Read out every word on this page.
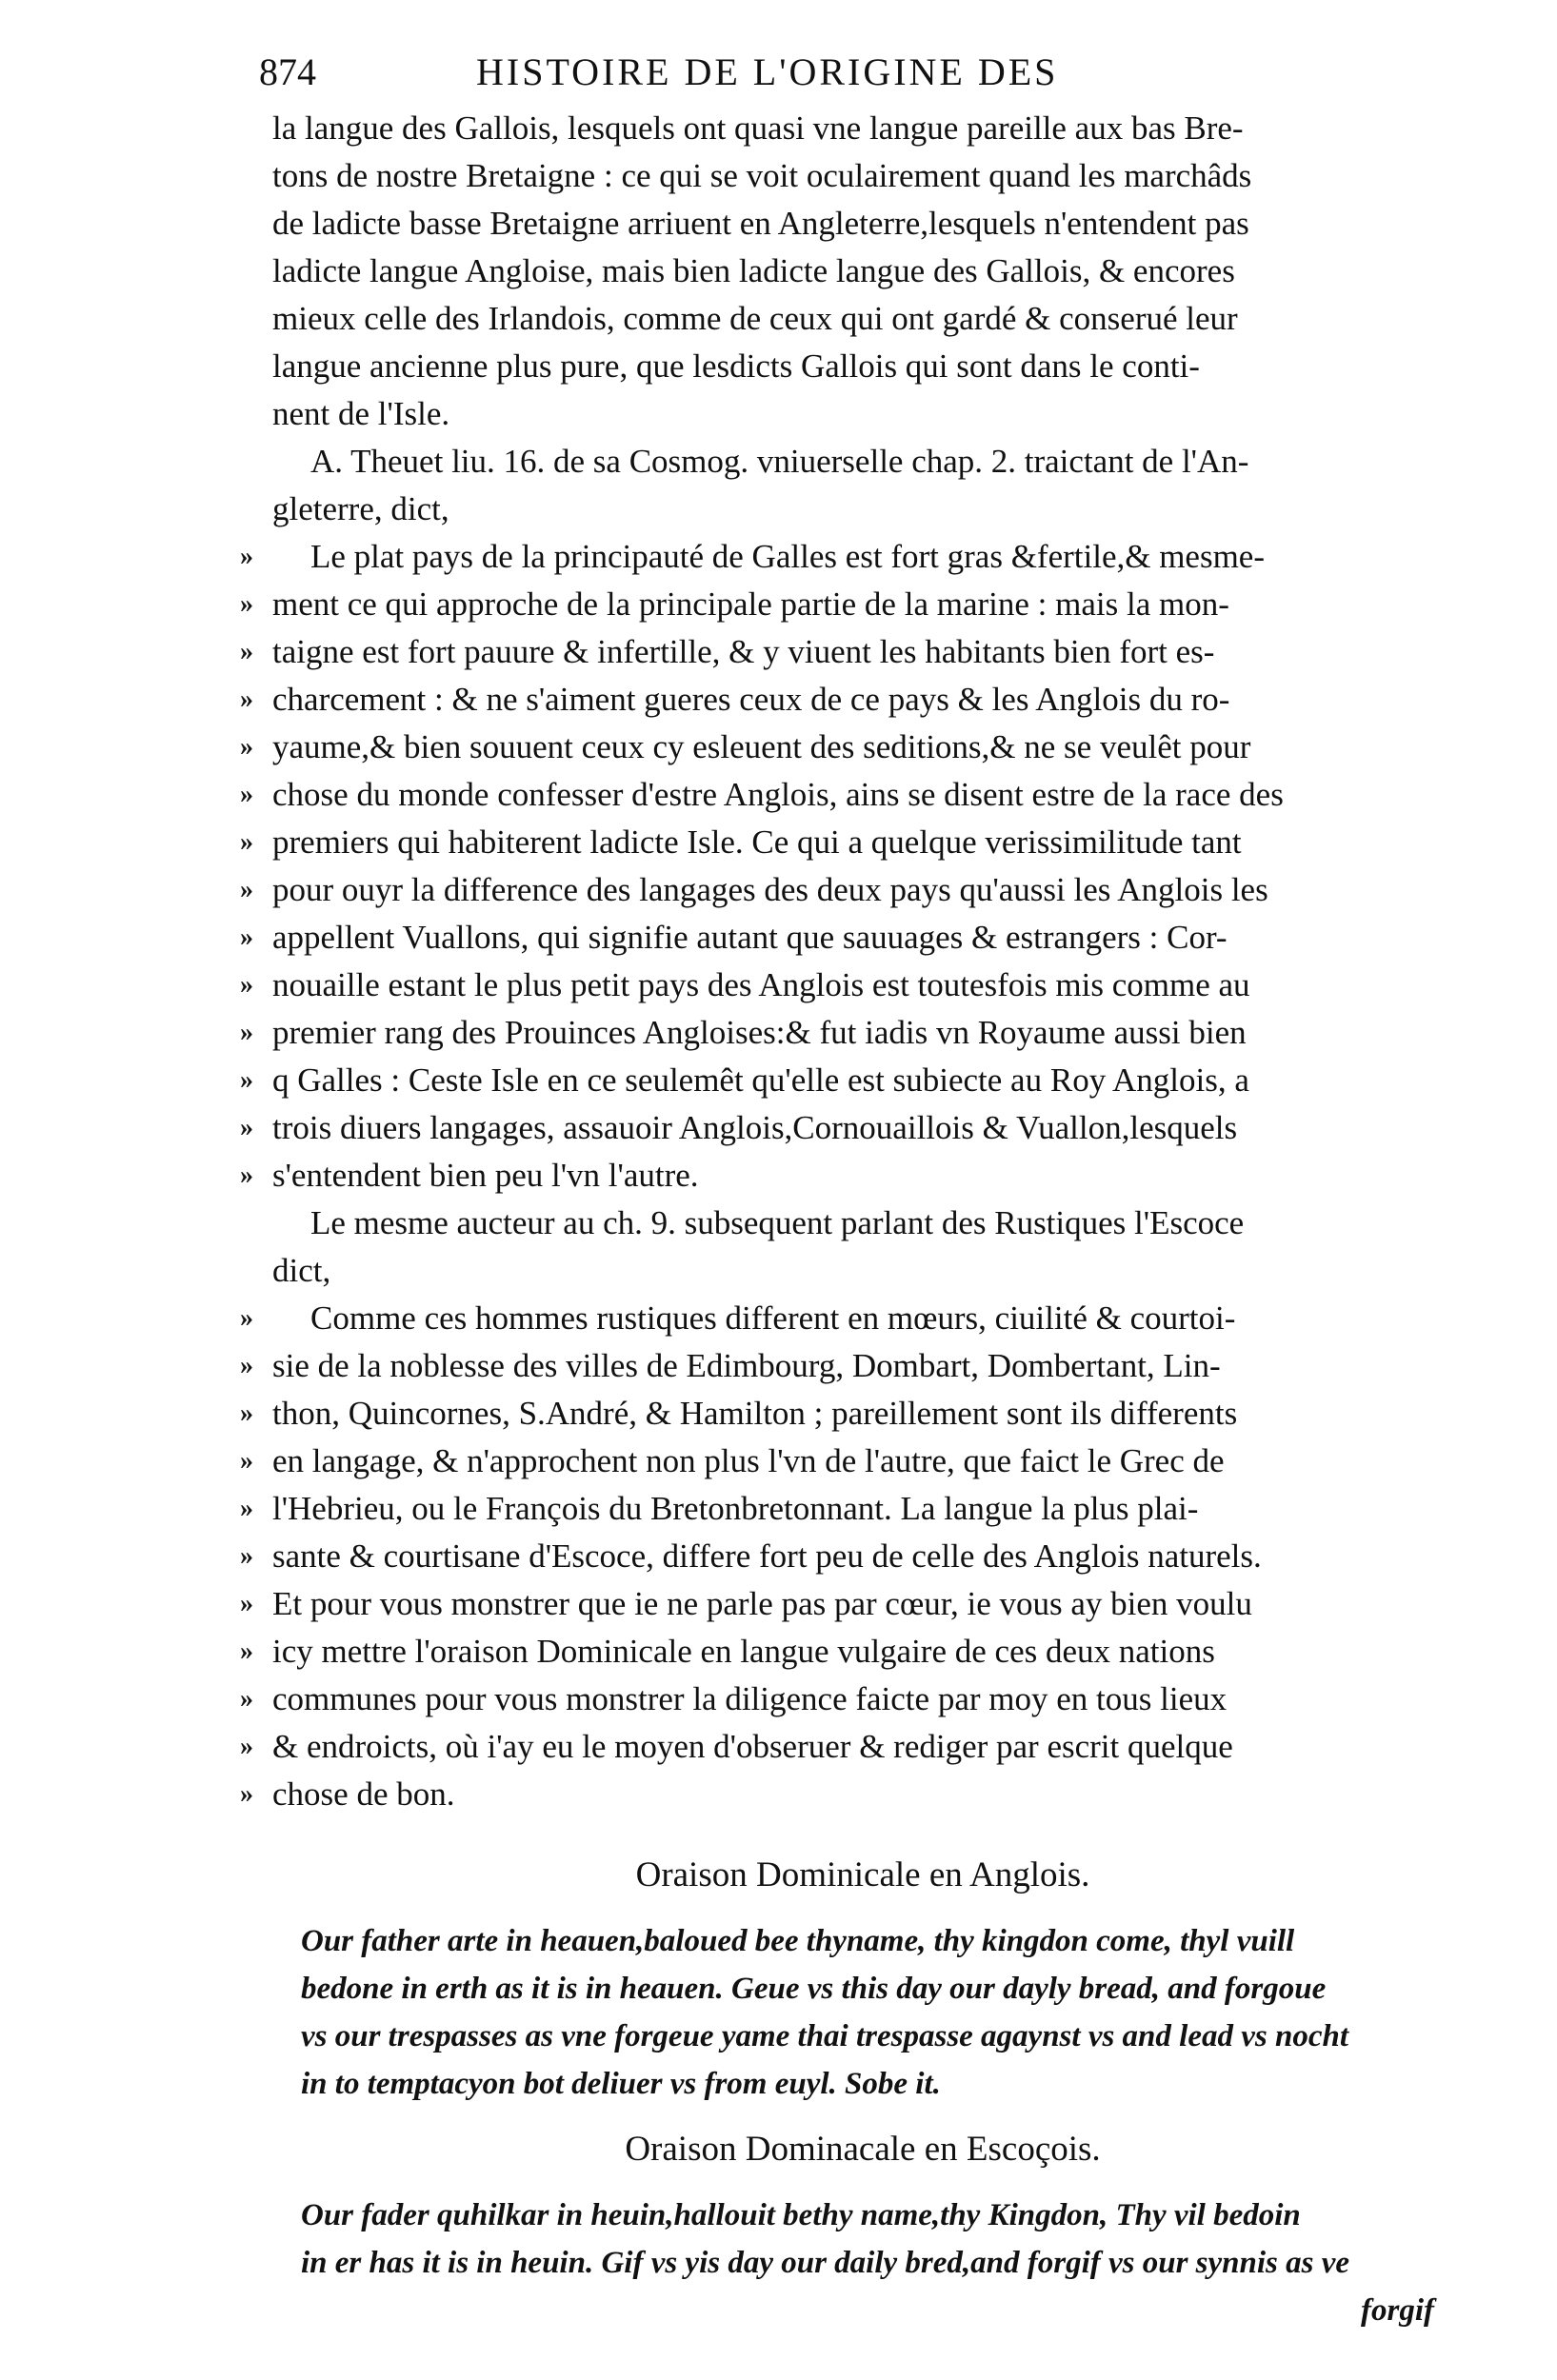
874	HISTOIRE DE L'ORIGINE DES
la langue des Gallois, lesquels ont quasi vne langue pareille aux bas Bre-
tons de nostre Bretaigne : ce qui se voit oculairement quand les marchâds
de ladicte basse Bretaigne arriuent en Angleterre,lesquels n'entendent pas
ladicte langue Angloise, mais bien ladicte langue des Gallois, & encores
mieux celle des Irlandois, comme de ceux qui ont gardé & conserué leur
langue ancienne plus pure, que lesdicts Gallois qui sont dans le conti-
nent de l'Isle.
A. Theuet liu. 16. de sa Cosmog. vniuerselle chap. 2. traictant de l'An-
gleterre, dict,
» Le plat pays de la principauté de Galles est fort gras &fertile,& mesme-
» ment ce qui approche de la principale partie de la marine : mais la mon-
» taigne est fort pauure & infertille, & y viuent les habitants bien fort es-
» charcement : & ne s'aiment gueres ceux de ce pays & les Anglois du ro-
» yaume,& bien souuent ceux cy esleuent des seditions,& ne se veulêt pour
» chose du monde confesser d'estre Anglois, ains se disent estre de la race des
» premiers qui habiterent ladicte Isle. Ce qui a quelque verissimilitude tant
» pour ouyr la difference des langages des deux pays qu'aussi les Anglois les
» appellent Vuallons, qui signifie autant que sauuages & estrangers : Cor-
» nouaille estant le plus petit pays des Anglois est toutesfois mis comme au
» premier rang des Prouinces Angloises:& fut iadis vn Royaume aussi bien
» q Galles : Ceste Isle en ce seulemêt qu'elle est subiecte au Roy Anglois, a
» trois diuers langages, assauoir Anglois,Cornouaillois & Vuallon,lesquels
» s'entendent bien peu l'vn l'autre.
Le mesme aucteur au ch. 9. subsequent parlant des Rustiques l'Escoce
dict,
» Comme ces hommes rustiques different en mœurs, ciuilité & courtoi-
» sie de la noblesse des villes de Edimbourg, Dombart, Dombertant, Lin-
» thon, Quincornes, S.André, & Hamilton ; pareillement sont ils differents
» en langage, & n'approchent non plus l'vn de l'autre, que faict le Grec de
» l'Hebrieu, ou le François du Bretonbretonnant. La langue la plus plai-
» sante & courtisane d'Escoce, differe fort peu de celle des Anglois naturels.
» Et pour vous monstrer que ie ne parle pas par cœur, ie vous ay bien voulu
» icy mettre l'oraison Dominicale en langue vulgaire de ces deux nations
» communes pour vous monstrer la diligence faicte par moy en tous lieux
» & endroicts, où i'ay eu le moyen d'obseruer & rediger par escrit quelque
» chose de bon.
Oraison Dominicale en Anglois.
Our father arte in heauen,baloued bee thyname, thy kingdon come, thyl vuill
bedone in erth as it is in heauen. Geue vs this day our dayly bread, and forgoue
vs our trespasses as vne forgeue yame thai trespasse agaynst vs and lead vs nocht
in to temptacyon bot deliuer vs from euyl. Sobe it.
Oraison Dominacale en Escoçois.
Our fader quhilkar in heuin,hallouit bethy name,thy Kingdon, Thy vil bedoin
in er has it is in heuin. Gif vs yis day our daily bred,and forgif vs our synnis as ve
forgif
